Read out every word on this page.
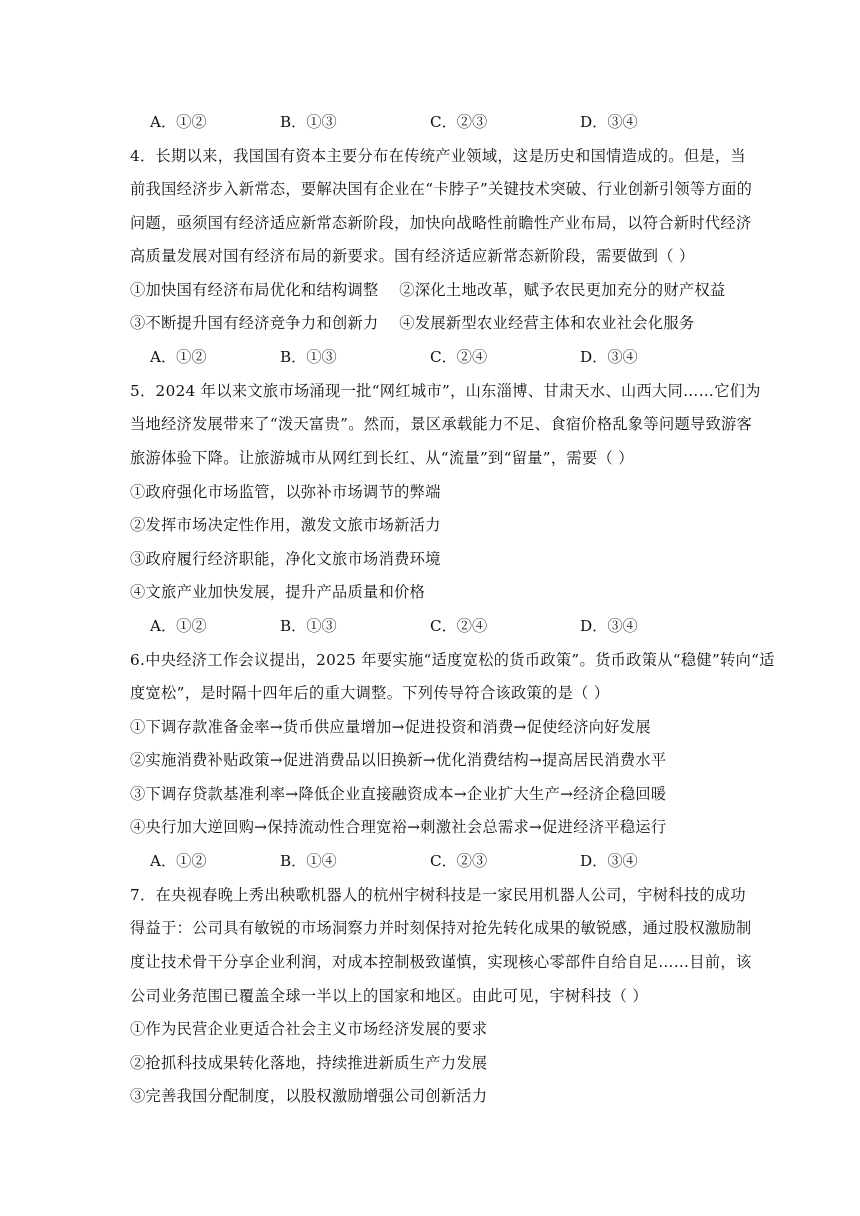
A．①②	B．①③	C．②③	D．③④
4．长期以来，我国国有资本主要分布在传统产业领域，这是历史和国情造成的。但是，当
前我国经济步入新常态，要解决国有企业在“卡脖子”关键技术突破、行业创新引领等方面的
问题，亟须国有经济适应新常态新阶段，加快向战略性前瞻性产业布局，以符合新时代经济
高质量发展对国有经济布局的新要求。国有经济适应新常态新阶段，需要做到（ ）
①加快国有经济布局优化和结构调整    ②深化土地改革，赋予农民更加充分的财产权益
③不断提升国有经济竞争力和创新力    ④发展新型农业经营主体和农业社会化服务
A．①②	B．①③	C．②④	D．③④
5．2024 年以来文旅市场涌现一批“网红城市”，山东淄博、甘肃天水、山西大同……它们为
当地经济发展带来了“泼天富贵”。然而，景区承载能力不足、食宿价格乱象等问题导致游客
旅游体验下降。让旅游城市从网红到长红、从“流量”到“留量”，需要（ ）
①政府强化市场监管，以弥补市场调节的弊端
②发挥市场决定性作用，激发文旅市场新活力
③政府履行经济职能，净化文旅市场消费环境
④文旅产业加快发展，提升产品质量和价格
A．①②	B．①③	C．②④	D．③④
6.中央经济工作会议提出，2025 年要实施“适度宽松的货币政策”。货币政策从“稳健”转向“适
度宽松”，是时隔十四年后的重大调整。下列传导符合该政策的是（ ）
①下调存款准备金率→货币供应量增加→促进投资和消费→促使经济向好发展
②实施消费补贴政策→促进消费品以旧换新→优化消费结构→提高居民消费水平
③下调存贷款基准利率→降低企业直接融资成本→企业扩大生产→经济企稳回暖
④央行加大逆回购→保持流动性合理宽裕→刺激社会总需求→促进经济平稳运行
A．①②	B．①④	C．②③	D．③④
7．在央视春晚上秀出秧歌机器人的杭州宇树科技是一家民用机器人公司，宇树科技的成功
得益于：公司具有敏锐的市场洞察力并时刻保持对抢先转化成果的敏锐感，通过股权激励制
度让技术骨干分享企业利润，对成本控制极致谨慎，实现核心零部件自给自足……目前，该
公司业务范围已覆盖全球一半以上的国家和地区。由此可见，宇树科技（ ）
①作为民营企业更适合社会主义市场经济发展的要求
②抢抓科技成果转化落地，持续推进新质生产力发展
③完善我国分配制度，以股权激励增强公司创新活力
